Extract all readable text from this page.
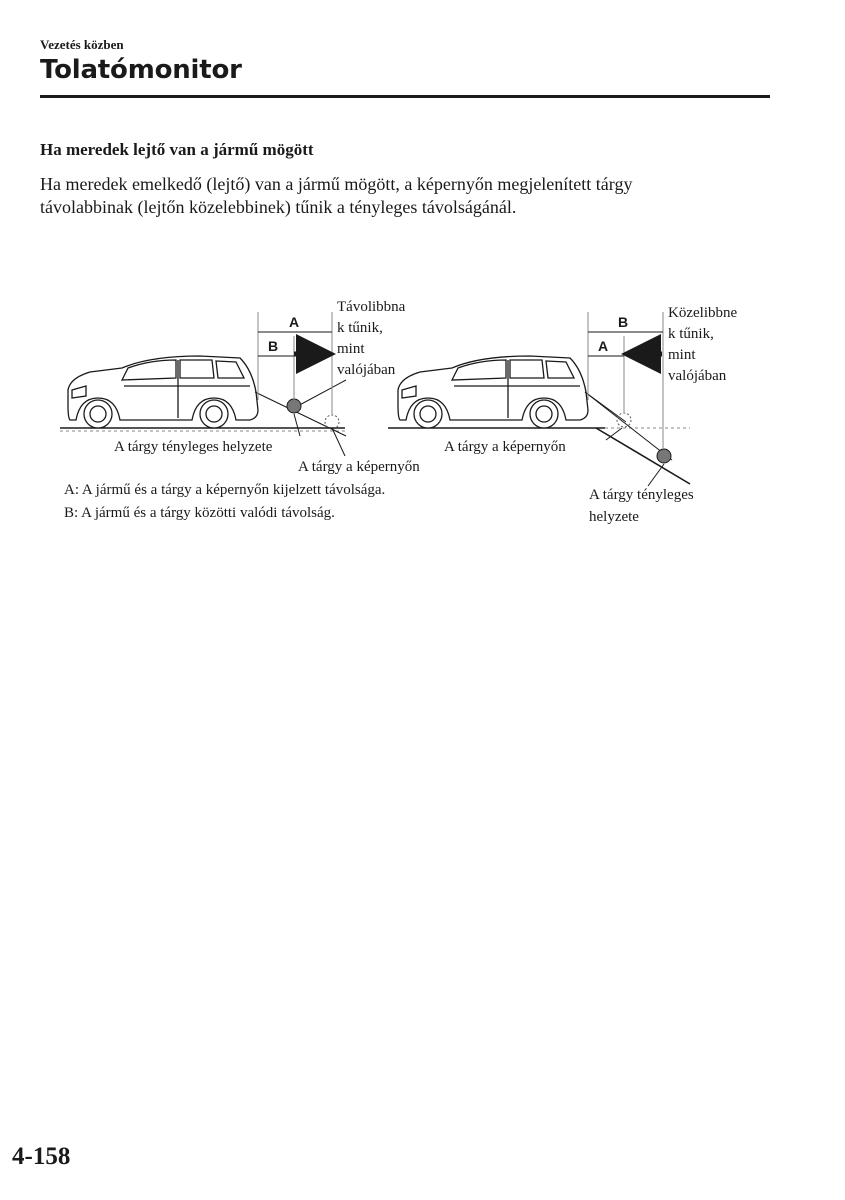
Vezetés közben
Tolatómonitor
Ha meredek lejtő van a jármű mögött
Ha meredek emelkedő (lejtő) van a jármű mögött, a képernyőn megjelenített tárgy
távolabbinak (lejtőn közelebbinek) tűnik a tényleges távolságánál.
A
B
Távolibbna
k tűnik,
mint
valójában
A tárgy tényleges helyzete
A tárgy a képernyőn
A: A jármű és a tárgy a képernyőn kijelzett távolsága.
B: A jármű és a tárgy közötti valódi távolság.
B
A
Közelibbne
k tűnik,
mint
valójában
A tárgy a képernyőn
A tárgy tényleges
helyzete
4-158
